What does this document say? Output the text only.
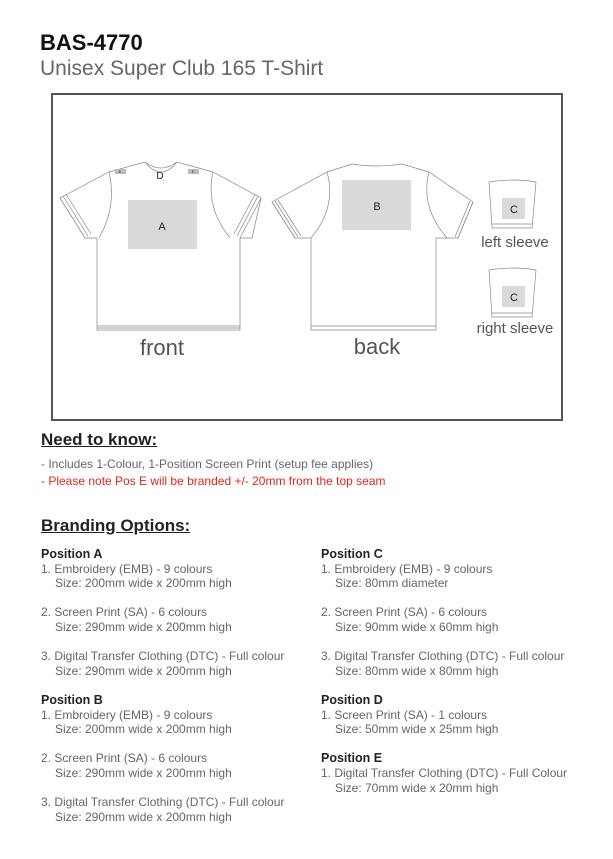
BAS-4770
Unisex Super Club 165 T-Shirt
E	E
D
A
front
B
back
C
left sleeve
C
right sleeve
Need to know:
- Includes 1-Colour, 1-Position Screen Print (setup fee applies)
- Please note Pos E will be branded +/- 20mm from the top seam
Branding Options:
Position A
1. Embroidery (EMB) - 9 colours
Size: 200mm wide x 200mm high
2. Screen Print (SA) - 6 colours
Size: 290mm wide x 200mm high
3. Digital Transfer Clothing (DTC) - Full colour
Size: 290mm wide x 200mm high
Position B
1. Embroidery (EMB) - 9 colours
Size: 200mm wide x 200mm high
2. Screen Print (SA) - 6 colours
Size: 290mm wide x 200mm high
3. Digital Transfer Clothing (DTC) - Full colour
Size: 290mm wide x 200mm high
Position C
1. Embroidery (EMB) - 9 colours
Size: 80mm diameter
2. Screen Print (SA) - 6 colours
Size: 90mm wide x 60mm high
3. Digital Transfer Clothing (DTC) - Full colour
Size: 80mm wide x 80mm high
Position D
1. Screen Print (SA) - 1 colours
Size: 50mm wide x 25mm high
Position E
1. Digital Transfer Clothing (DTC) - Full Colour
Size: 70mm wide x 20mm high
